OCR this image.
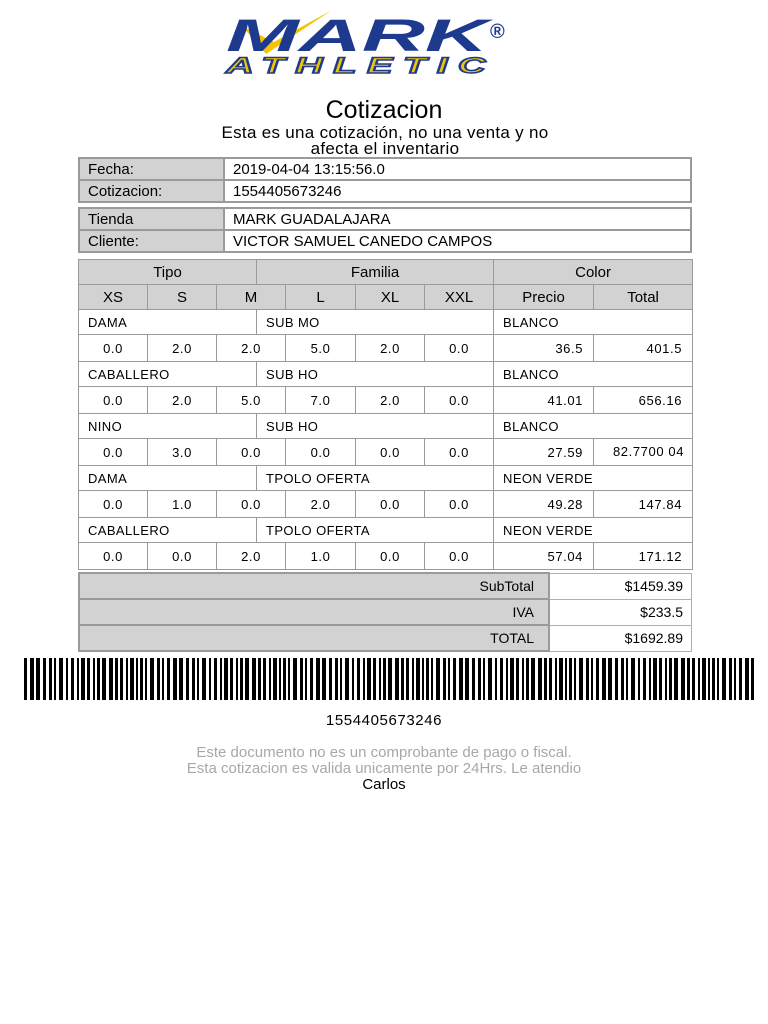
MARK
®
ATHLETIC
Cotizacion
Esta es una cotización, no una venta y no
afecta el inventario
Fecha:	2019-04-04 13:15:56.0
Cotizacion:	1554405673246
Tienda	MARK GUADALAJARA
Cliente:	VICTOR SAMUEL CANEDO CAMPOS
Tipo			Familia				Color	
XS	S	M		L	XL	XXL	Precio	Total
DAMA			SUB MO				BLANCO	
0.0	2.0	2.0		5.0	2.0	0.0	36.5	401.5
CABALLERO			SUB HO				BLANCO	
0.0	2.0	5.0		7.0	2.0	0.0	41.01	656.16
NINO			SUB HO				BLANCO	
0.0	3.0	0.0		0.0	0.0	0.0	27.59	82.7700 04
DAMA			TPOLO OFERTA				NEON VERDE	
0.0	1.0	0.0		2.0	0.0	0.0	49.28	147.84
CABALLERO			TPOLO OFERTA				NEON VERDE	
0.0	0.0	2.0		1.0	0.0	0.0	57.04	171.12
SubTotal	$1459.39
IVA	$233.5
TOTAL	$1692.89
1554405673246
Este documento no es un comprobante de pago o fiscal.
Esta cotizacion es valida unicamente por 24Hrs. Le atendio
Carlos
